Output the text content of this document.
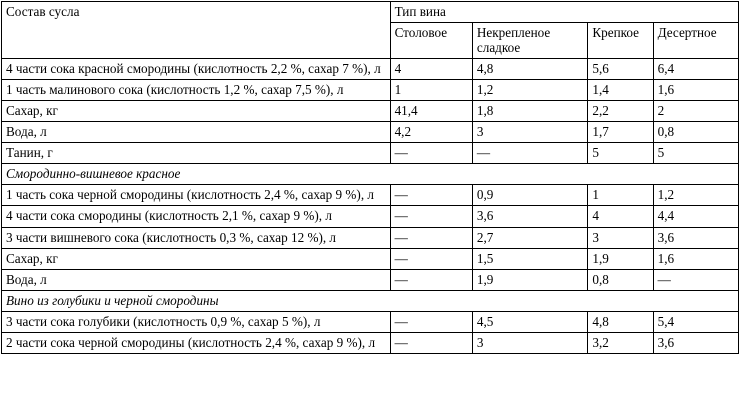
Состав сусла	Тип вина			
	Столовое	Некрепленое сладкое	Крепкое	Десертное
4 части сока красной смородины (кислотность 2,2 %, сахар 7 %), л	4	4,8	5,6	6,4
1 часть малинового сока (кислотность 1,2 %, сахар 7,5 %), л	1	1,2	1,4	1,6
Сахар, кг	41,4	1,8	2,2	2
Вода, л	4,2	3	1,7	0,8
Танин, г	—	—	5	5
Смородинно-вишневое красное				
1 часть сока черной смородины (кислотность 2,4 %, сахар 9 %), л	—	0,9	1	1,2
4 части сока смородины (кислотность 2,1 %, сахар 9 %), л	—	3,6	4	4,4
3 части вишневого сока (кислотность 0,3 %, сахар 12 %), л	—	2,7	3	3,6
Сахар, кг	—	1,5	1,9	1,6
Вода, л	—	1,9	0,8	—
Вино из голубики и черной смородины				
3 части сока голубики (кислотность 0,9 %, сахар 5 %), л	—	4,5	4,8	5,4
2 части сока черной смородины (кислотность 2,4 %, сахар 9 %), л	—	3	3,2	3,6
